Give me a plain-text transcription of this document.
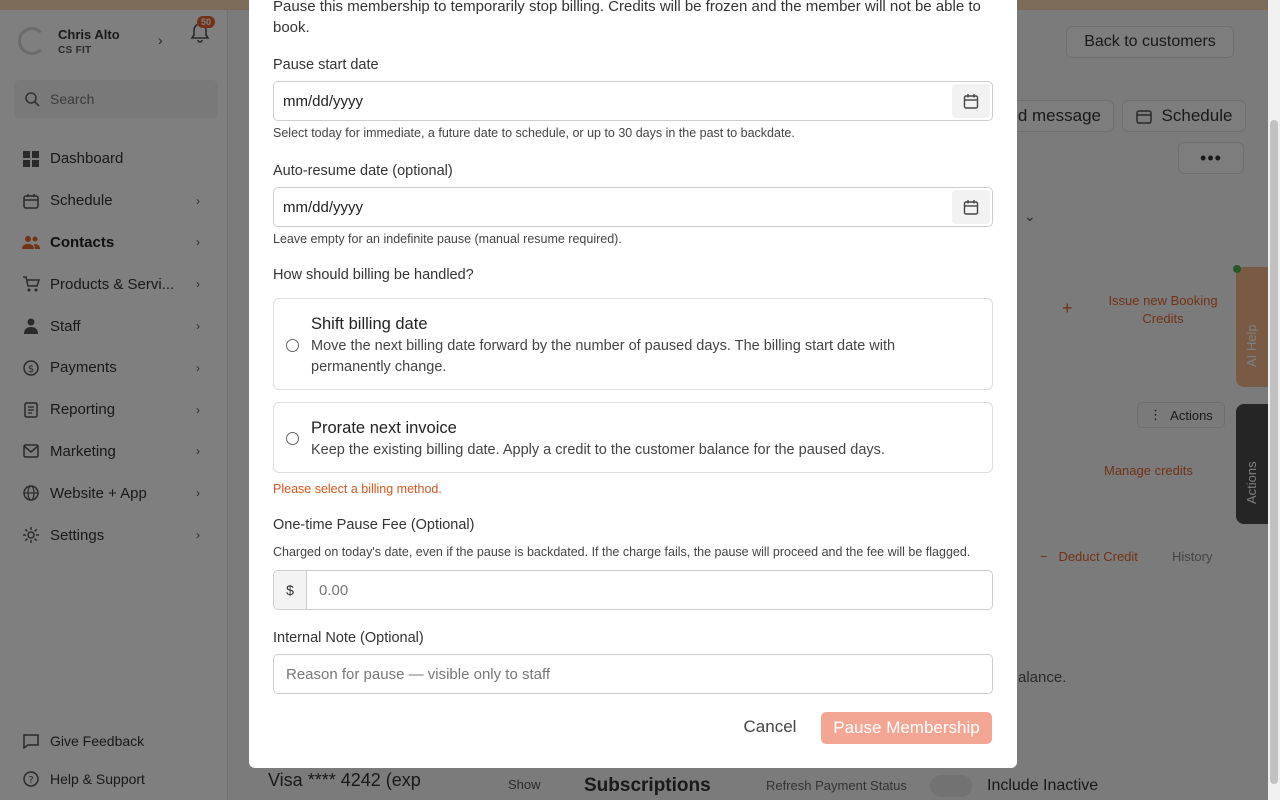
Pause this membership to temporarily stop billing. Credits will be frozen and the member will not be able to book.

Pause start date
mm/dd/yyyy
Select today for immediate, a future date to schedule, or up to 30 days in the past to backdate.
Auto-resume date (optional)
mm/dd/yyyy
Leave empty for an indefinite pause (manual resume required).
How should billing be handled?
Shift billing date

Move the next billing date forward by the number of paused days. The billing start date with permanently change.

Prorate next invoice

Keep the existing billing date. Apply a credit to the customer balance for the paused days.

Please select a billing method.
One-time Pause Fee (Optional)
Charged on today's date, even if the pause is backdated. If the charge fails, the pause will proceed and the fee will be flagged.
$	0.00
Internal Note (Optional)
Reason for pause — visible only to staff
Cancel	Pause Membership
